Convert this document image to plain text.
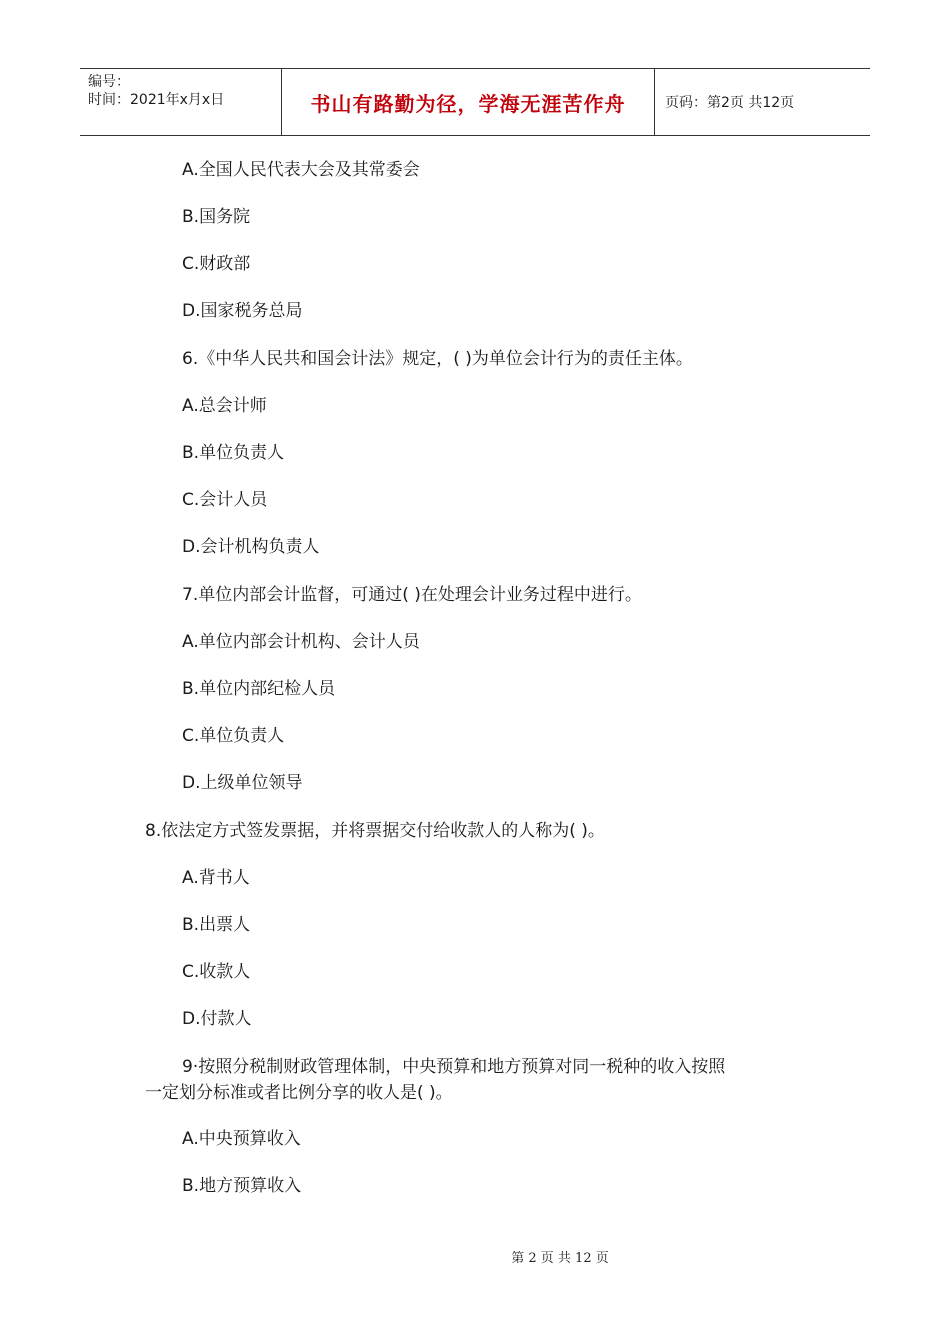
编号：
时间：2021年x月x日	书山有路勤为径，学海无涯苦作舟	页码：第2页 共12页
A.全国人民代表大会及其常委会
B.国务院
C.财政部
D.国家税务总局
6.《中华人民共和国会计法》规定，( )为单位会计行为的责任主体。
A.总会计师
B.单位负责人
C.会计人员
D.会计机构负责人
7.单位内部会计监督，可通过( )在处理会计业务过程中进行。
A.单位内部会计机构、会计人员
B.单位内部纪检人员
C.单位负责人
D.上级单位领导
8.依法定方式签发票据，并将票据交付给收款人的人称为( )。
A.背书人
B.出票人
C.收款人
D.付款人
9·按照分税制财政管理体制，中央预算和地方预算对同一税种的收入按照
一定划分标准或者比例分享的收人是( )。
A.中央预算收入
B.地方预算收入
第 2 页 共 12 页
